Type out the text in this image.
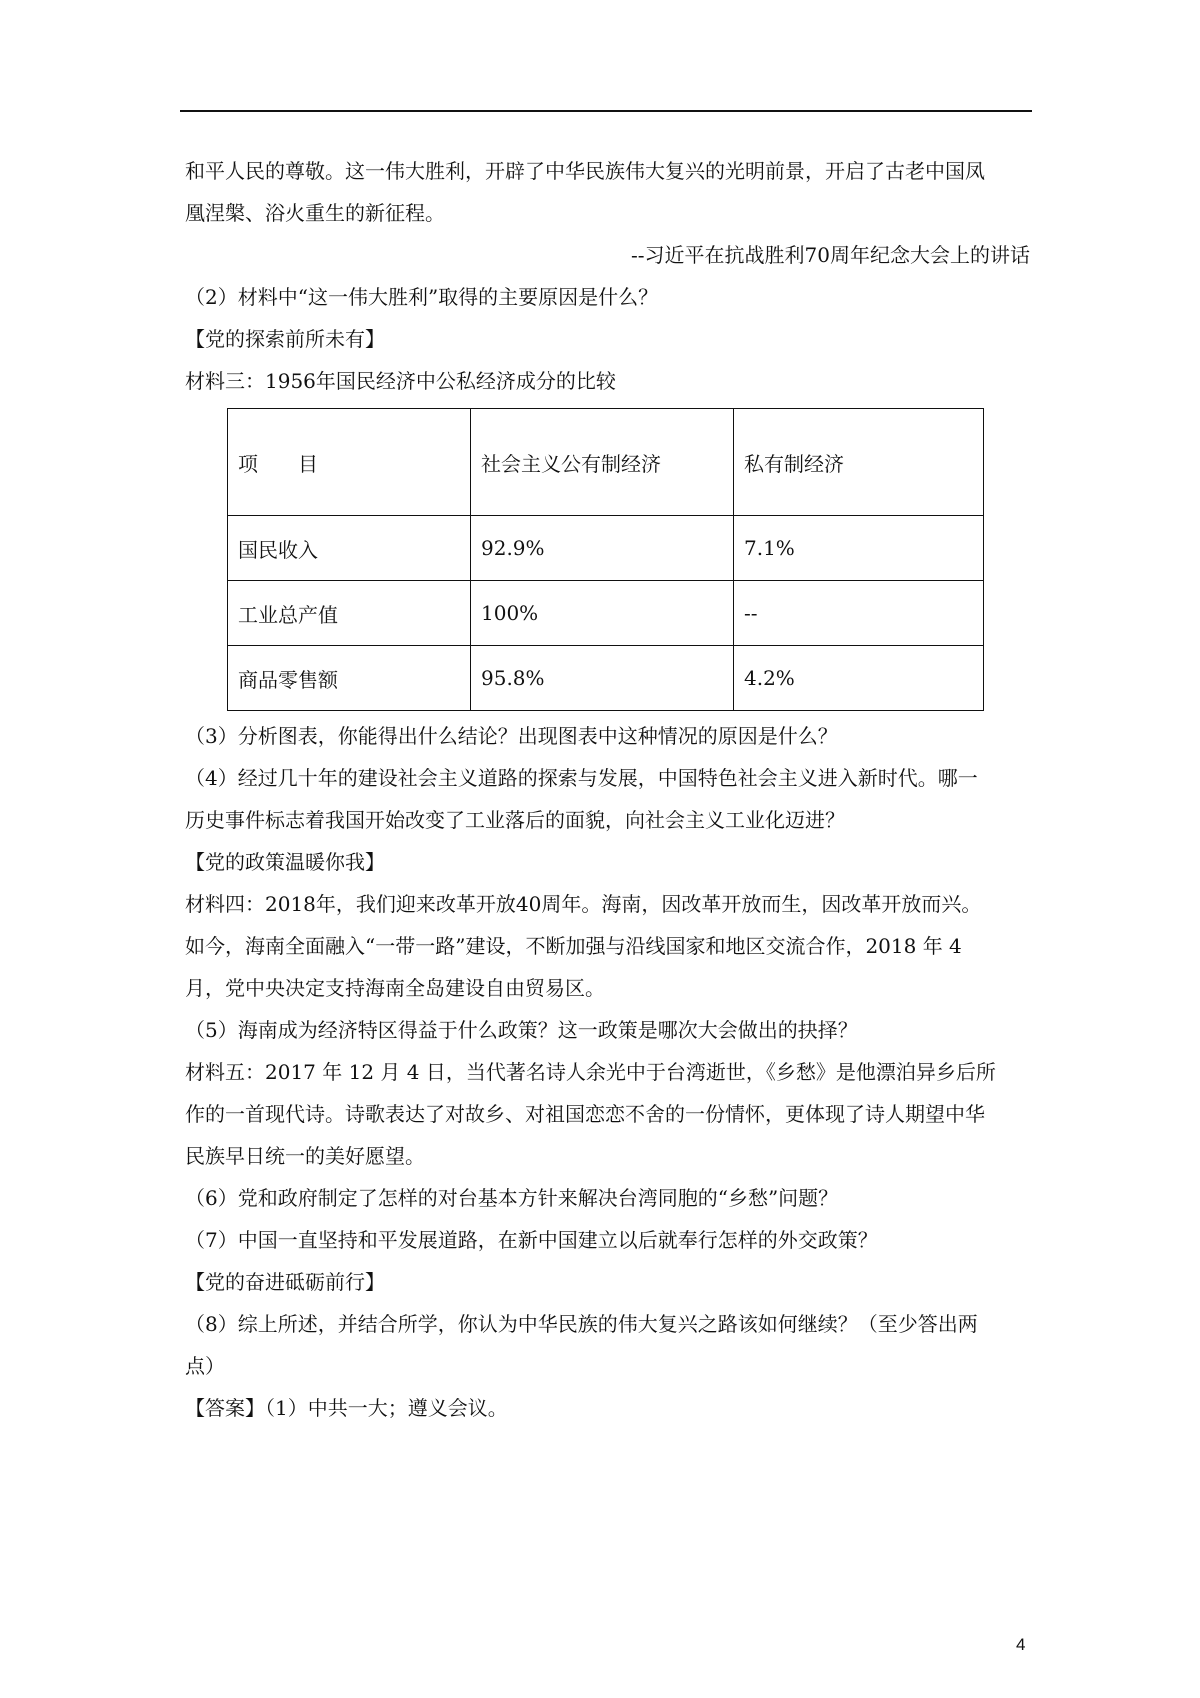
和平人民的尊敬。这一伟大胜利，开辟了中华民族伟大复兴的光明前景，开启了古老中国凤
凰涅槃、浴火重生的新征程。
--习近平在抗战胜利70周年纪念大会上的讲话
（2）材料中“这一伟大胜利”取得的主要原因是什么？
【党的探索前所未有】
材料三：1956年国民经济中公私经济成分的比较
项　　目	社会主义公有制经济	私有制经济
国民收入	92.9%	7.1%
工业总产值	100%	--
商品零售额	95.8%	4.2%
（3）分析图表，你能得出什么结论？出现图表中这种情况的原因是什么？
（4）经过几十年的建设社会主义道路的探索与发展，中国特色社会主义进入新时代。哪一
历史事件标志着我国开始改变了工业落后的面貌，向社会主义工业化迈进？
【党的政策温暖你我】
材料四：2018年，我们迎来改革开放40周年。海南，因改革开放而生，因改革开放而兴。
如今，海南全面融入“一带一路”建设，不断加强与沿线国家和地区交流合作，2018 年 4
月，党中央决定支持海南全岛建设自由贸易区。
（5）海南成为经济特区得益于什么政策？这一政策是哪次大会做出的抉择？
材料五：2017 年 12 月 4 日，当代著名诗人余光中于台湾逝世，《乡愁》是他漂泊异乡后所
作的一首现代诗。诗歌表达了对故乡、对祖国恋恋不舍的一份情怀，更体现了诗人期望中华
民族早日统一的美好愿望。
（6）党和政府制定了怎样的对台基本方针来解决台湾同胞的“乡愁”问题？
（7）中国一直坚持和平发展道路，在新中国建立以后就奉行怎样的外交政策？
【党的奋进砥砺前行】
（8）综上所述，并结合所学，你认为中华民族的伟大复兴之路该如何继续？（至少答出两
点）
【答案】（1）中共一大；遵义会议。
4
